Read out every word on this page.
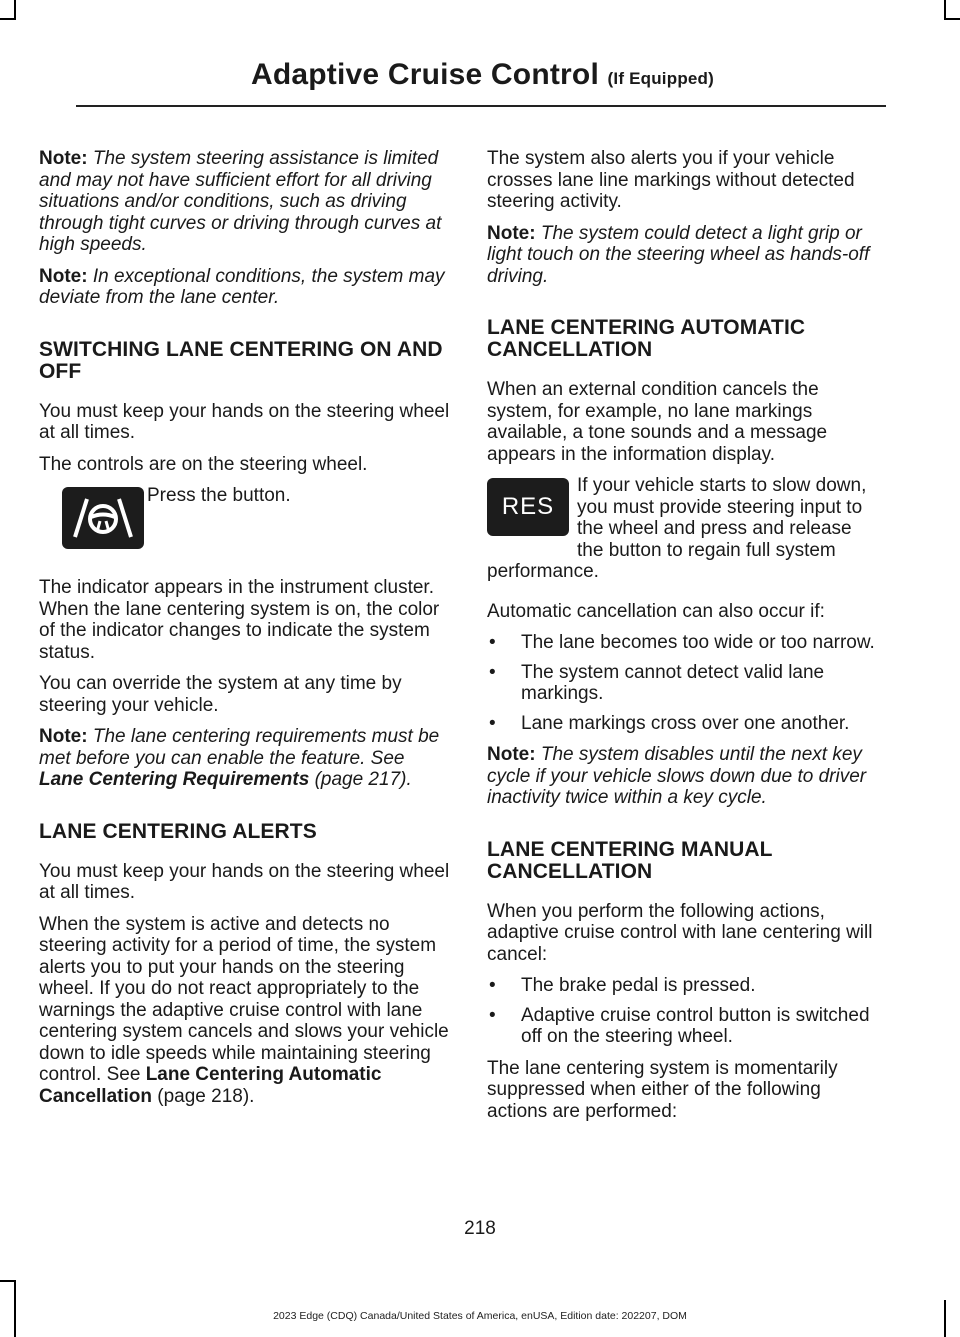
Adaptive Cruise Control (If Equipped)

Note: The system steering assistance is limited and may not have sufficient effort for all driving situations and/or conditions, such as driving through tight curves or driving through curves at high speeds.

Note: In exceptional conditions, the system may deviate from the lane center.

SWITCHING LANE CENTERING ON AND OFF

You must keep your hands on the steering wheel at all times.

The controls are on the steering wheel.

Press the button.

The indicator appears in the instrument cluster. When the lane centering system is on, the color of the indicator changes to indicate the system status.

You can override the system at any time by steering your vehicle.

Note: The lane centering requirements must be met before you can enable the feature. See Lane Centering Requirements (page 217).

LANE CENTERING ALERTS

You must keep your hands on the steering wheel at all times.

When the system is active and detects no steering activity for a period of time, the system alerts you to put your hands on the steering wheel. If you do not react appropriately to the warnings the adaptive cruise control with lane centering system cancels and slows your vehicle down to idle speeds while maintaining steering control. See Lane Centering Automatic Cancellation (page 218).

The system also alerts you if your vehicle crosses lane line markings without detected steering activity.

Note: The system could detect a light grip or light touch on the steering wheel as hands-off driving.

LANE CENTERING AUTOMATIC CANCELLATION

When an external condition cancels the system, for example, no lane markings available, a tone sounds and a message appears in the information display.

RES
If your vehicle starts to slow down, you must provide steering input to the wheel and press and release the button to regain full system performance.

Automatic cancellation can also occur if:

• The lane becomes too wide or too narrow.
• The system cannot detect valid lane markings.
• Lane markings cross over one another.

Note: The system disables until the next key cycle if your vehicle slows down due to driver inactivity twice within a key cycle.

LANE CENTERING MANUAL CANCELLATION

When you perform the following actions, adaptive cruise control with lane centering will cancel:

• The brake pedal is pressed.
• Adaptive cruise control button is switched off on the steering wheel.

The lane centering system is momentarily suppressed when either of the following actions are performed:

218
2023 Edge (CDQ) Canada/United States of America, enUSA, Edition date: 202207, DOM
